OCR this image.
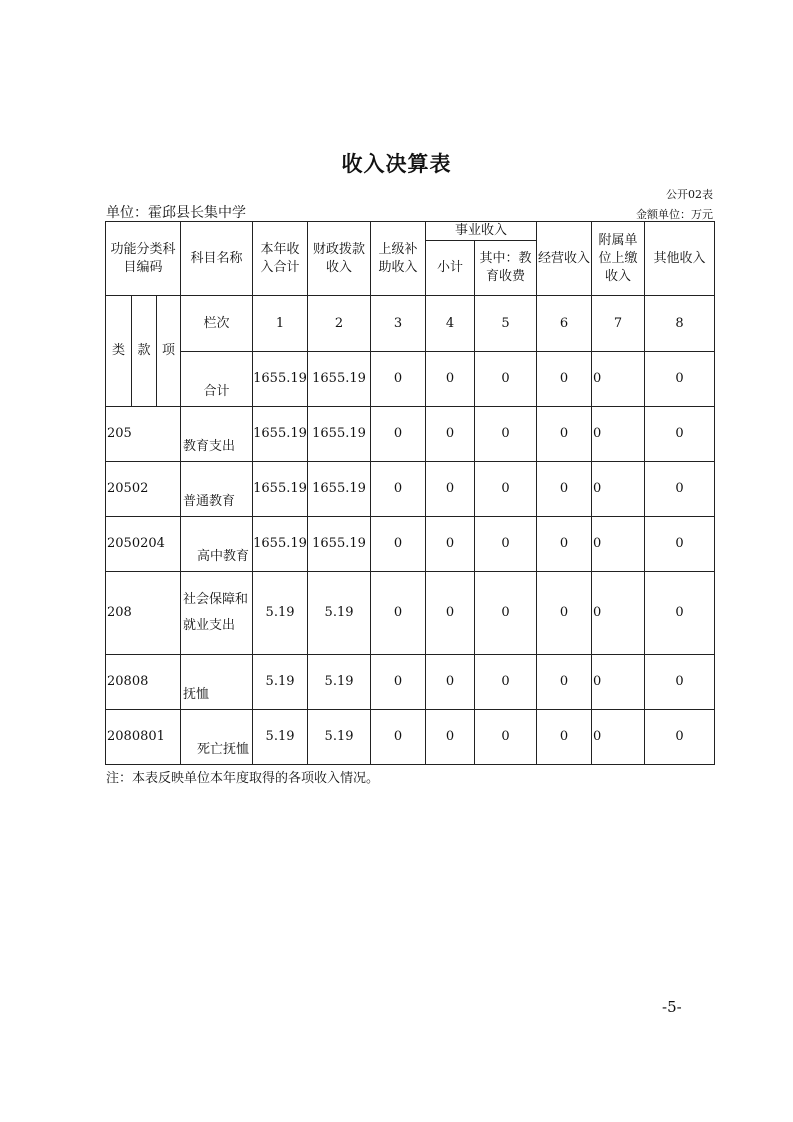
收入决算表
公开02表
单位：霍邱县长集中学	金额单位：万元
功能分类科目编码			科目名称	本年收入合计	财政拨款收入	上级补助收入	事业收入		经营收入	附属单位上缴收入	其他收入
							小计	其中：教育收费			

类	款	项	栏次	1	2	3	4	5	6	7	8
			合计	1655.19	1655.19	0	0	0	0	0	0
205			教育支出	1655.19	1655.19	0	0	0	0	0	0
20502			普通教育	1655.19	1655.19	0	0	0	0	0	0
2050204			高中教育	1655.19	1655.19	0	0	0	0	0	0
208			社会保障和就业支出	5.19	5.19	0	0	0	0	0	0
20808			抚恤	5.19	5.19	0	0	0	0	0	0
2080801			死亡抚恤	5.19	5.19	0	0	0	0	0	0
注：本表反映单位本年度取得的各项收入情况。
-5-
